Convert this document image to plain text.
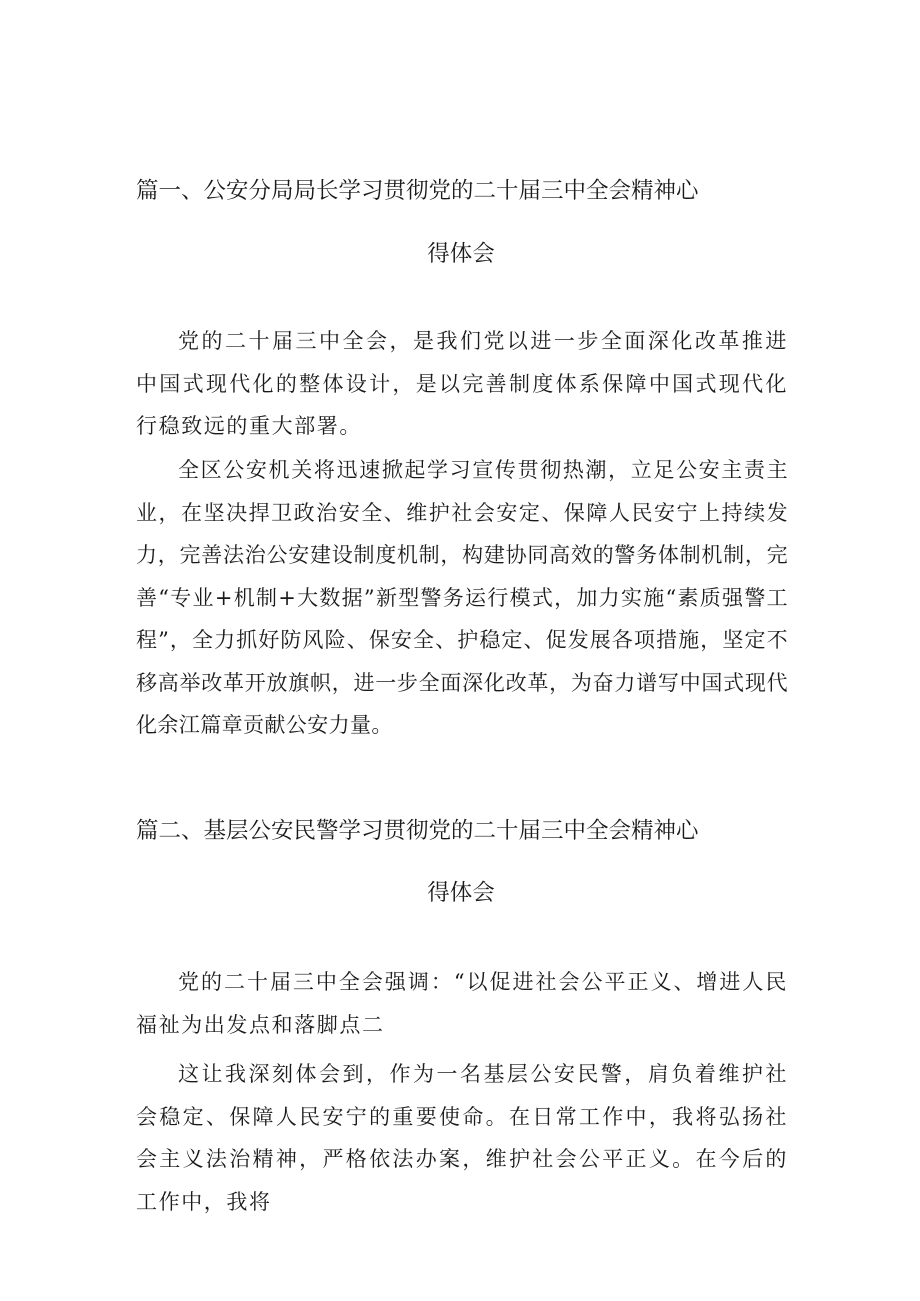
篇一、公安分局局长学习贯彻党的二十届三中全会精神心
得体会
党的二十届三中全会，是我们党以进一步全面深化改革推进中国式现代化的整体设计，是以完善制度体系保障中国式现代化行稳致远的重大部署。
全区公安机关将迅速掀起学习宣传贯彻热潮，立足公安主责主业，在坚决捍卫政治安全、维护社会安定、保障人民安宁上持续发力，完善法治公安建设制度机制，构建协同高效的警务体制机制，完善“专业+机制+大数据”新型警务运行模式，加力实施“素质强警工程”，全力抓好防风险、保安全、护稳定、促发展各项措施，坚定不移高举改革开放旗帜，进一步全面深化改革，为奋力谱写中国式现代化余江篇章贡献公安力量。
篇二、基层公安民警学习贯彻党的二十届三中全会精神心
得体会
党的二十届三中全会强调：“以促进社会公平正义、增进人民福祉为出发点和落脚点二
这让我深刻体会到，作为一名基层公安民警，肩负着维护社会稳定、保障人民安宁的重要使命。在日常工作中，我将弘扬社会主义法治精神，严格依法办案，维护社会公平正义。在今后的工作中，我将
